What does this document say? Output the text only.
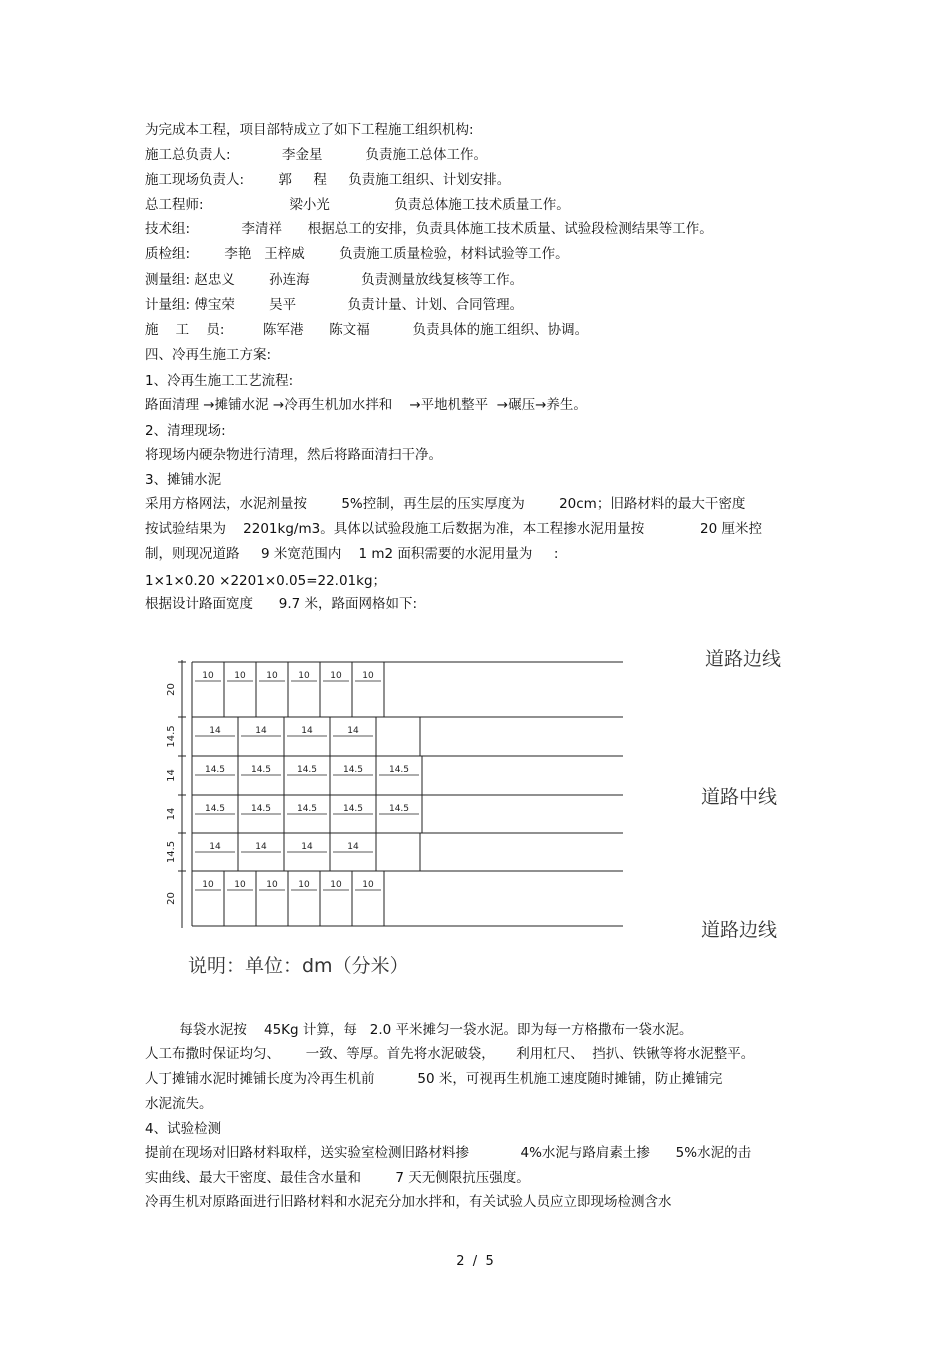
为完成本工程，项目部特成立了如下工程施工组织机构:
施工总负责人:            李金星          负责施工总体工作。
施工现场负责人:        郭     程     负责施工组织、计划安排。
总工程师:                    梁小光               负责总体施工技术质量工作。
技术组:            李清祥      根据总工的安排，负责具体施工技术质量、试验段检测结果等工作。
质检组:        李艳   王梓威        负责施工质量检验，材料试验等工作。
测量组: 赵忠义        孙连海            负责测量放线复核等工作。
计量组: 傅宝荣        吴平            负责计量、计划、合同管理。
施    工    员:         陈军港      陈文福          负责具体的施工组织、协调。
四、冷再生施工方案:
1、冷再生施工工艺流程:
路面清理 →摊铺水泥 →冷再生机加水拌和    →平地机整平  →碾压→养生。
2、清理现场:
将现场内硬杂物进行清理，然后将路面清扫干净。
3、摊铺水泥
采用方格网法，水泥剂量按        5%控制，再生层的压实厚度为        20cm；旧路材料的最大干密度
按试验结果为    2201kg/m3。具体以试验段施工后数据为准，本工程掺水泥用量按             20 厘米控
制，则现况道路     9 米宽范围内    1 m2 面积需要的水泥用量为     :
1×1×0.20 ×2201×0.05=22.01kg；
根据设计路面宽度      9.7 米，路面网格如下:
20
10 10 10 10 10 10
14.5	14	14	14	14
14	14.5	14.5	14.5	14.5	14.5
14	14.5	14.5	14.5	14.5	14.5
14.5	14	14	14	14
20
10 10 10 10 10 10
道路边线
道路中线
道路边线
说明：单位：dm（分米）
每袋水泥按    45Kg 计算，每   2.0 平米摊匀一袋水泥。即为每一方格撒布一袋水泥。
人工布撒时保证均匀、      一致、等厚。首先将水泥破袋，     利用杠尺、  挡扒、铁锹等将水泥整平。
人丁摊铺水泥时摊铺长度为冷再生机前          50 米，可视再生机施工速度随时摊铺，防止摊铺完
水泥流失。
4、试验检测
提前在现场对旧路材料取样，送实验室检测旧路材料掺            4%水泥与路肩素土掺      5%水泥的击
实曲线、最大干密度、最佳含水量和        7 天无侧限抗压强度。
冷再生机对原路面进行旧路材料和水泥充分加水拌和，有关试验人员应立即现场检测含水
2  /  5
